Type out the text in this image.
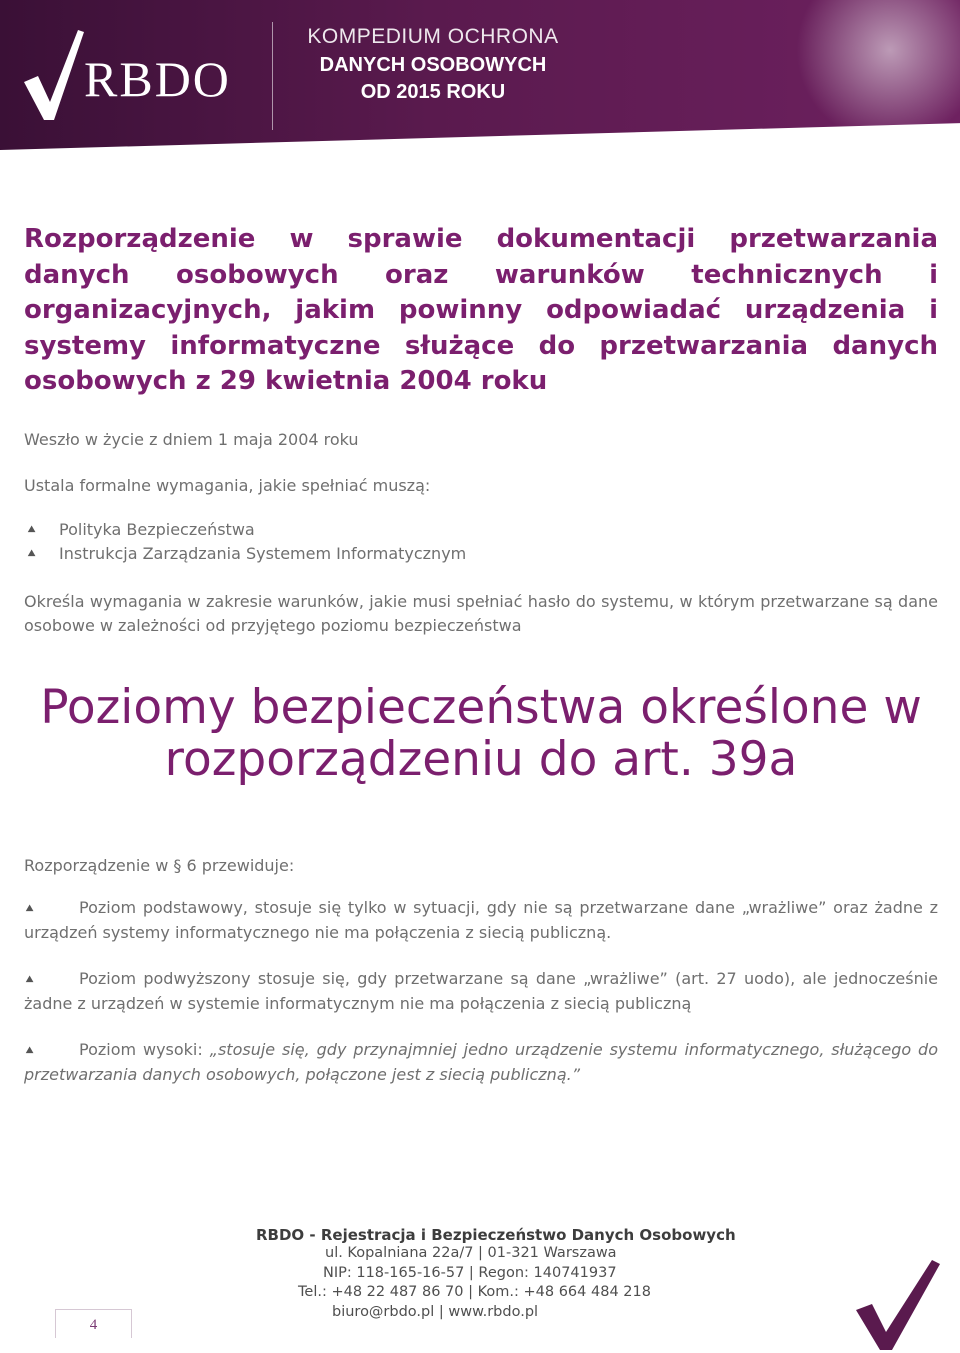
RBDO
KOMPEDIUM OCHRONA
DANYCH OSOBOWYCH
OD 2015 ROKU
Rozporządzenie w sprawie dokumentacji przetwarzania danych osobowych oraz warunków technicznych i organizacyjnych, jakim powinny odpowiadać urządzenia i systemy informatyczne służące do przetwarzania danych osobowych z 29 kwietnia 2004 roku

Weszło w życie z dniem 1 maja 2004 roku

Ustala formalne wymagania, jakie spełniać muszą:

⯅ Polityka Bezpieczeństwa
⯅ Instrukcja Zarządzania Systemem Informatycznym

Określa wymagania w zakresie warunków, jakie musi spełniać hasło do systemu, w którym przetwarzane są dane osobowe w zależności od przyjętego poziomu bezpieczeństwa

Poziomy bezpieczeństwa określone w rozporządzeniu do art. 39a

Rozporządzenie w § 6 przewiduje:

⯅	Poziom podstawowy, stosuje się tylko w sytuacji, gdy nie są przetwarzane dane „wrażliwe” oraz żadne z urządzeń systemy informatycznego nie ma połączenia z siecią publiczną.
⯅	Poziom podwyższony stosuje się, gdy przetwarzane są dane „wrażliwe” (art. 27 uodo), ale jednocześnie żadne z urządzeń w systemie informatycznym nie ma połączenia z siecią publiczną
⯅	Poziom wysoki: „stosuje się, gdy przynajmniej jedno urządzenie systemu informatycznego, służącego do przetwarzania danych osobowych, połączone jest z siecią publiczną.”
RBDO - Rejestracja i Bezpieczeństwo Danych Osobowych
ul. Kopalniana 22a/7 | 01-321 Warszawa
NIP: 118-165-16-57 | Regon: 140741937
Tel.: +48 22 487 86 70 | Kom.: +48 664 484 218
biuro@rbdo.pl | www.rbdo.pl
4
